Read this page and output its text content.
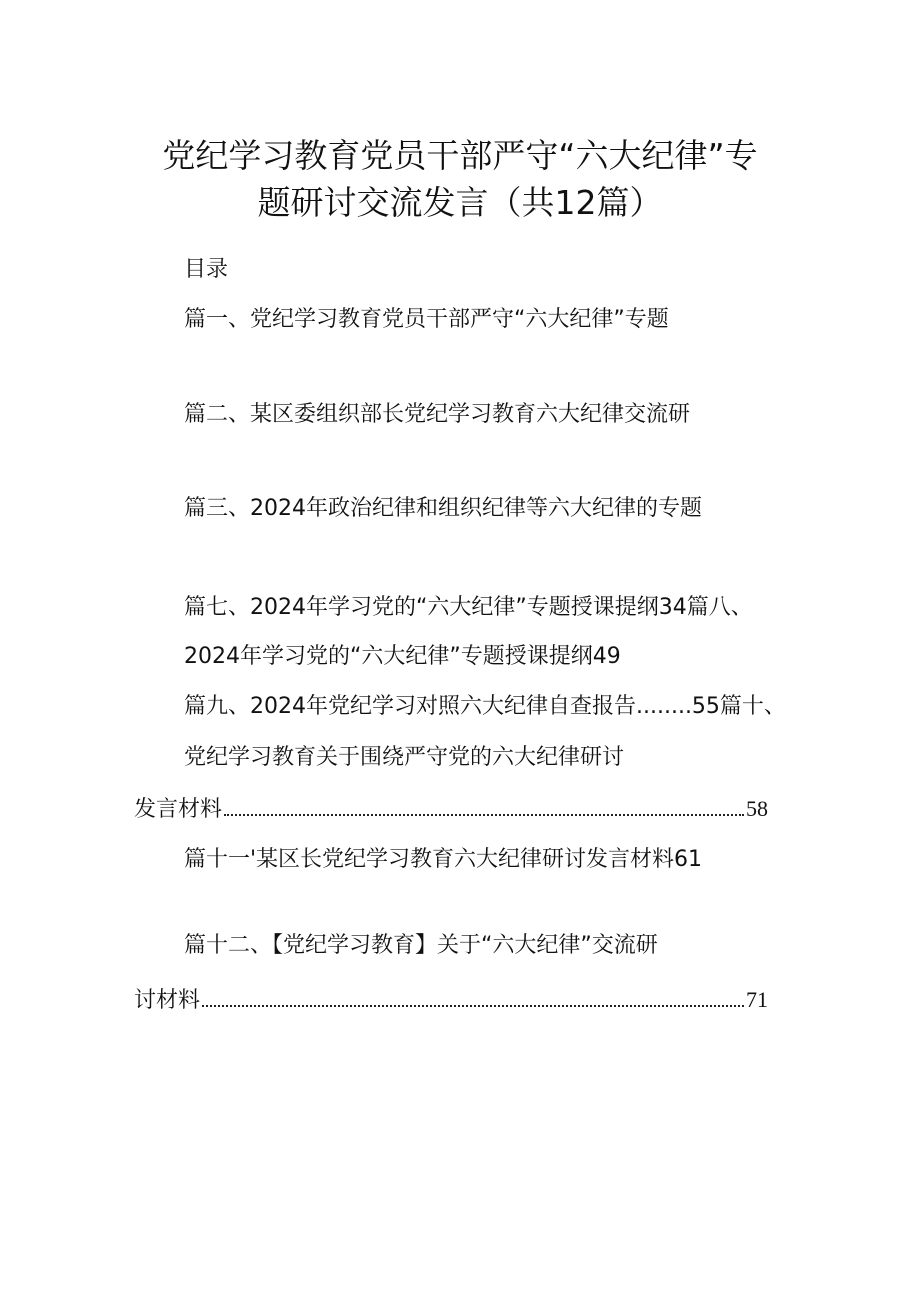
党纪学习教育党员干部严守“六大纪律”专
题研讨交流发言（共12篇）
目录
篇一、党纪学习教育党员干部严守“六大纪律”专题
篇二、某区委组织部长党纪学习教育六大纪律交流研
篇三、2024年政治纪律和组织纪律等六大纪律的专题
篇七、2024年学习党的“六大纪律”专题授课提纲34篇八、
2024年学习党的“六大纪律”专题授课提纲49
篇九、2024年党纪学习对照六大纪律自查报告........55篇十、
党纪学习教育关于围绕严守党的六大纪律研讨
发言材料	58
篇十一'某区长党纪学习教育六大纪律研讨发言材料61
篇十二、【党纪学习教育】关于“六大纪律”交流研
讨材料	71
